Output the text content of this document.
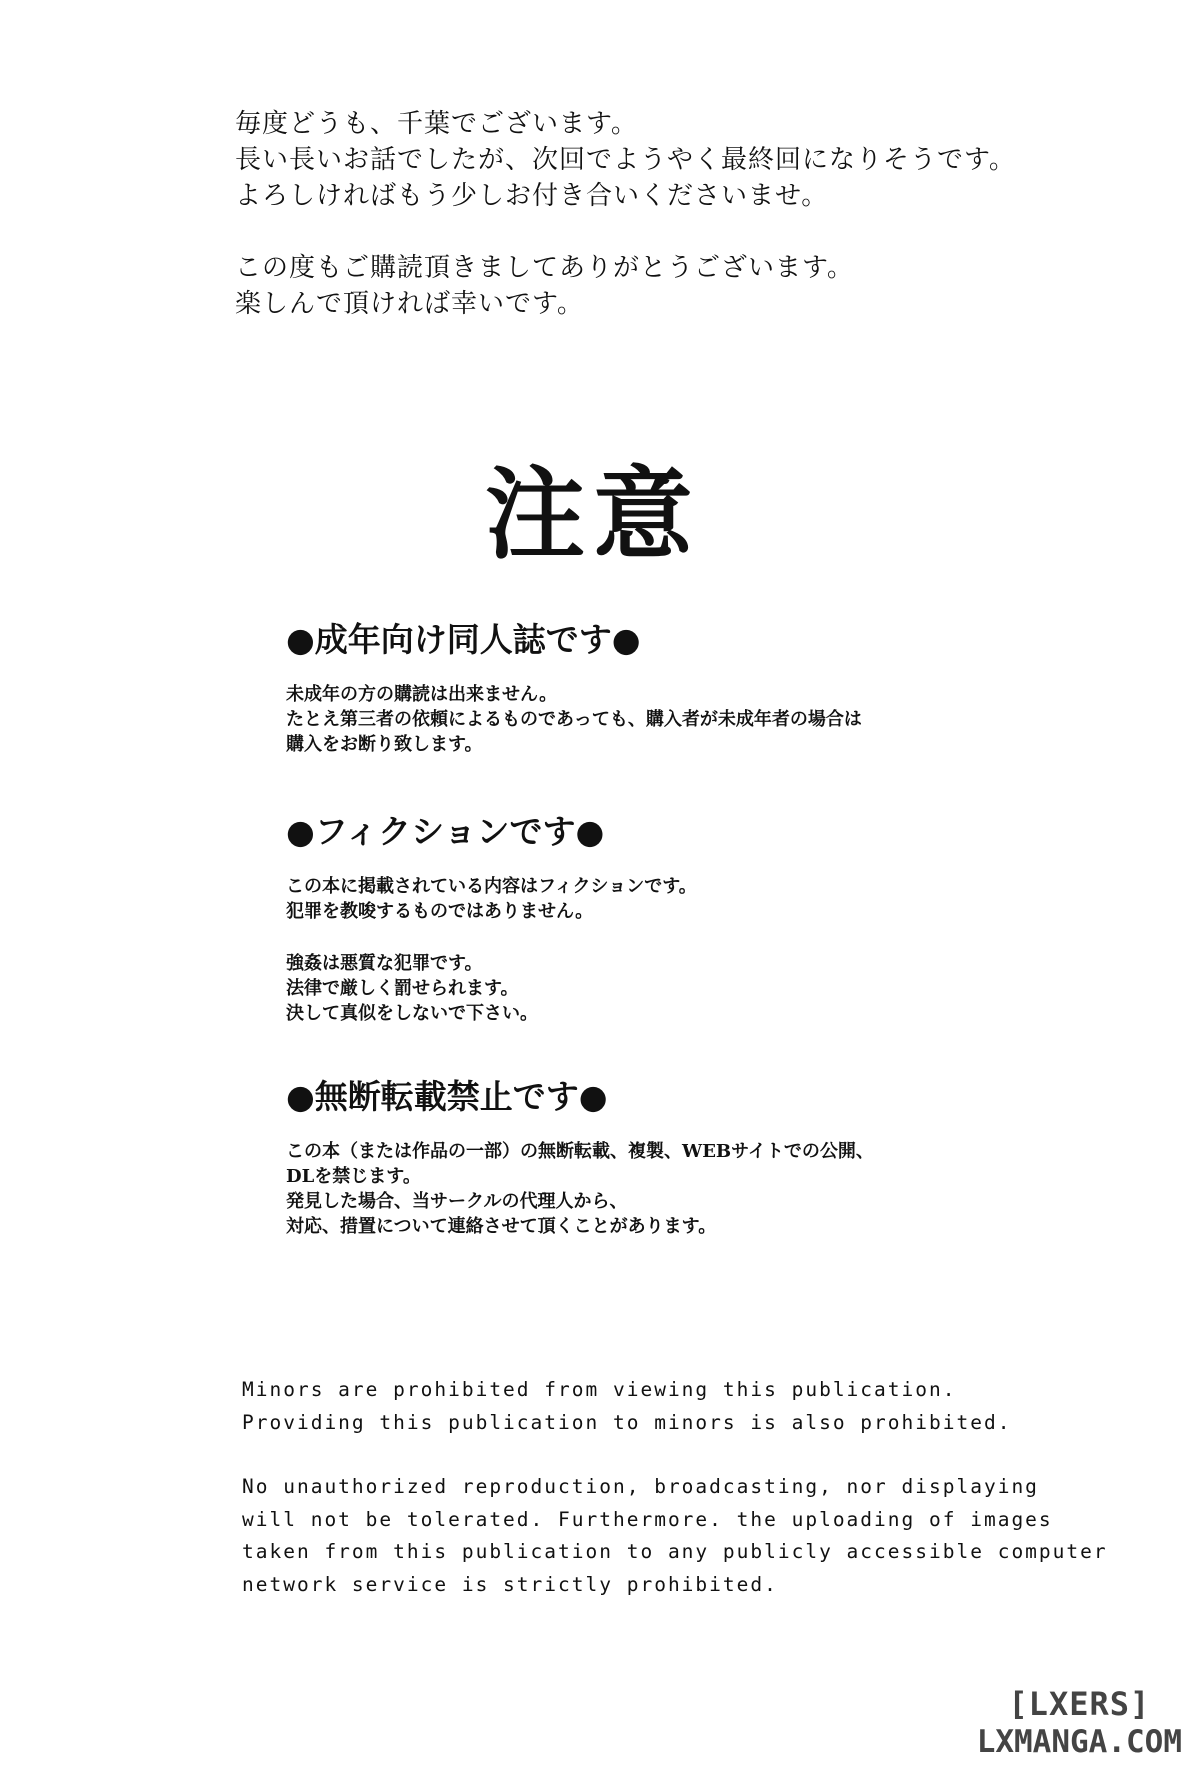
毎度どうも、千葉でございます。

長い長いお話でしたが、次回でようやく最終回になりそうです。

よろしければもう少しお付き合いくださいませ。

この度もご購読頂きましてありがとうございます。

楽しんで頂ければ幸いです。

注意
●成年向け同人誌です●

未成年の方の購読は出来ません。

たとえ第三者の依頼によるものであっても、購入者が未成年者の場合は

購入をお断り致します。

●フィクションです●

この本に掲載されている内容はフィクションです。

犯罪を教唆するものではありません。

強姦は悪質な犯罪です。

法律で厳しく罰せられます。

決して真似をしないで下さい。

●無断転載禁止です●

この本（または作品の一部）の無断転載、複製、WEBサイトでの公開、

DLを禁じます。

発見した場合、当サークルの代理人から、

対応、措置について連絡させて頂くことがあります。

Minors are prohibited from viewing this publication.

Providing this publication to minors is also prohibited.

No unauthorized reproduction, broadcasting, nor displaying

will not be tolerated. Furthermore. the uploading of images

taken from this publication to any publicly accessible computer

network service is strictly prohibited.

[LXERS]
LXMANGA.COM
